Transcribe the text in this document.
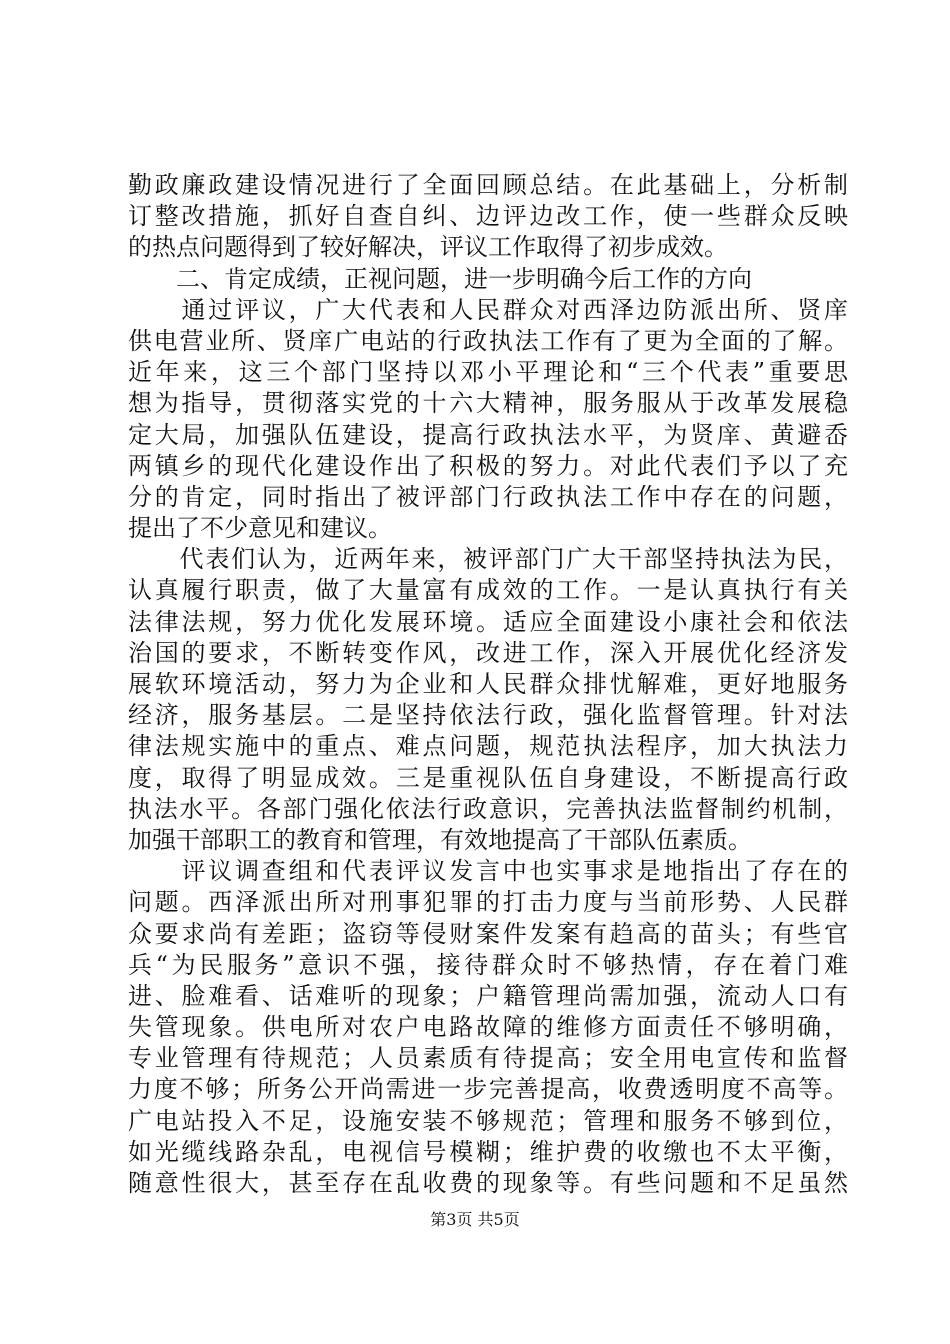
勤政廉政建设情况进行了全面回顾总结。在此基础上，分析制
订整改措施，抓好自查自纠、边评边改工作，使一些群众反映
的热点问题得到了较好解决，评议工作取得了初步成效。
　　二、肯定成绩，正视问题，进一步明确今后工作的方向
　　通过评议，广大代表和人民群众对西泽边防派出所、贤庠
供电营业所、贤庠广电站的行政执法工作有了更为全面的了解。
近年来，这三个部门坚持以邓小平理论和“三个代表”重要思
想为指导，贯彻落实党的十六大精神，服务服从于改革发展稳
定大局，加强队伍建设，提高行政执法水平，为贤庠、黄避岙
两镇乡的现代化建设作出了积极的努力。对此代表们予以了充
分的肯定，同时指出了被评部门行政执法工作中存在的问题，
提出了不少意见和建议。
　　代表们认为，近两年来，被评部门广大干部坚持执法为民，
认真履行职责，做了大量富有成效的工作。一是认真执行有关
法律法规，努力优化发展环境。适应全面建设小康社会和依法
治国的要求，不断转变作风，改进工作，深入开展优化经济发
展软环境活动，努力为企业和人民群众排忧解难，更好地服务
经济，服务基层。二是坚持依法行政，强化监督管理。针对法
律法规实施中的重点、难点问题，规范执法程序，加大执法力
度，取得了明显成效。三是重视队伍自身建设，不断提高行政
执法水平。各部门强化依法行政意识，完善执法监督制约机制，
加强干部职工的教育和管理，有效地提高了干部队伍素质。
　　评议调查组和代表评议发言中也实事求是地指出了存在的
问题。西泽派出所对刑事犯罪的打击力度与当前形势、人民群
众要求尚有差距；盗窃等侵财案件发案有趋高的苗头；有些官
兵“为民服务”意识不强，接待群众时不够热情，存在着门难
进、脸难看、话难听的现象；户籍管理尚需加强，流动人口有
失管现象。供电所对农户电路故障的维修方面责任不够明确，
专业管理有待规范；人员素质有待提高；安全用电宣传和监督
力度不够；所务公开尚需进一步完善提高，收费透明度不高等。
广电站投入不足，设施安装不够规范；管理和服务不够到位，
如光缆线路杂乱，电视信号模糊；维护费的收缴也不太平衡，
随意性很大，甚至存在乱收费的现象等。有些问题和不足虽然
第3页 共5页
